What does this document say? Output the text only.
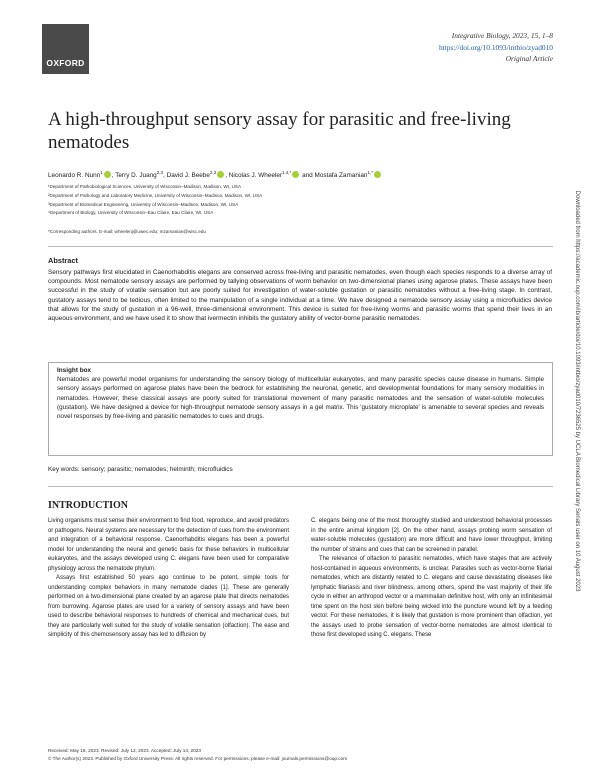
OXFORD
Integrative Biology, 2023, 15, 1–8
https://doi.org/10.1093/intbio/zyad010
Original Article
A high-throughput sensory assay for parasitic and free-living nematodes
Leonardo R. Nunn$^1$ , Terry D. Juang$^{2,3}$, David J. Beebe$^{2,3}$ , Nicolas J. Wheeler$^{1,4,*}$ and Mostafa Zamanian$^{1,*}$

¹Department of Pathobiological Sciences, University of Wisconsin–Madison, Madison, WI, USA

²Department of Pathology and Laboratory Medicine, University of Wisconsin–Madison, Madison, WI, USA

³Department of Biomedical Engineering, University of Wisconsin–Madison, Madison, WI, USA

⁴Department of Biology, University of Wisconsin–Eau Claire, Eau Claire, WI, USA

*Corresponding authors. E-mail: wheelenj@uwec.edu; mzamanian@wisc.edu

Abstract

Sensory pathways first elucidated in Caenorhabditis elegans are conserved across free-living and parasitic nematodes, even though each species responds to a diverse array of compounds. Most nematode sensory assays are performed by tallying observations of worm behavior on two-dimensional planes using agarose plates. These assays have been successful in the study of volatile sensation but are poorly suited for investigation of water-soluble gustation or parasitic nematodes without a free-living stage. In contrast, gustatory assays tend to be tedious, often limited to the manipulation of a single individual at a time. We have designed a nematode sensory assay using a microfluidics device that allows for the study of gustation in a 96-well, three-dimensional environment. This device is suited for free-living worms and parasitic worms that spend their lives in an aqueous environment, and we have used it to show that ivermectin inhibits the gustatory ability of vector-borne parasitic nematodes.

Insight box

Nematodes are powerful model organisms for understanding the sensory biology of multicellular eukaryotes, and many parasitic species cause disease in humans. Simple sensory assays performed on agarose plates have been the bedrock for establishing the neuronal, genetic, and developmental foundations for many sensory modalities in nematodes. However, these classical assays are poorly suited for translational movement of many parasitic nematodes and the sensation of water-soluble molecules (gustation). We have designed a device for high-throughput nematode sensory assays in a gel matrix. This 'gustatory microplate' is amenable to several species and reveals novel responses by free-living and parasitic nematodes to cues and drugs.

Key words: sensory; parasitic; nematodes; helminth; microfluidics
INTRODUCTION

Living organisms must sense their environment to find food, reproduce, and avoid predators or pathogens. Neural systems are necessary for the detection of cues from the environment and integration of a behavioral response. Caenorhabditis elegans has been a powerful model for understanding the neural and genetic basis for these behaviors in multicellular eukaryotes, and the assays developed using C. elegans have been used for comparative physiology across the nematode phylum.

Assays first established 50 years ago continue to be potent, simple tools for understanding complex behaviors in many nematode clades [1]. These are generally performed on a two-dimensional plane created by an agarose plate that directs nematodes from burrowing. Agarose plates are used for a variety of sensory assays and have been used to describe behavioral responses to hundreds of chemical and mechanical cues, but they are particularly well suited for the study of volatile sensation (olfaction). The ease and simplicity of this chemosensory assay has led to diffusion by

C. elegans being one of the most thoroughly studied and understood behavioral processes in the entire animal kingdom [2]. On the other hand, assays probing worm sensation of water-soluble molecules (gustation) are more difficult and have lower throughput, limiting the number of strains and cues that can be screened in parallel.

The relevance of olfaction to parasitic nematodes, which have stages that are actively host-contained in aqueous environments, is unclear. Parasites such as vector-borne filarial nematodes, which are distantly related to C. elegans and cause devastating diseases like lymphatic filariasis and river blindness, among others, spend the vast majority of their life cycle in either an arthropod vector or a mammalian definitive host, with only an infinitesimal time spent on the host skin before being wicked into the puncture wound left by a feeding vector. For these nematodes, it is likely that gustation is more prominent than olfaction, yet the assays used to probe sensation of vector-borne nematodes are almost identical to those first developed using C. elegans. These

Received: May 18, 2023. Revised: July 12, 2023. Accepted: July 14, 2023

© The Author(s) 2023. Published by Oxford University Press. All rights reserved. For permissions, please e-mail: journals.permissions@oup.com

Downloaded from https://academic.oup.com/ib/article/doi/10.1093/intbio/zyad010/7236525 by UCLA Biomedical Library Serials user on 10 August 2023
